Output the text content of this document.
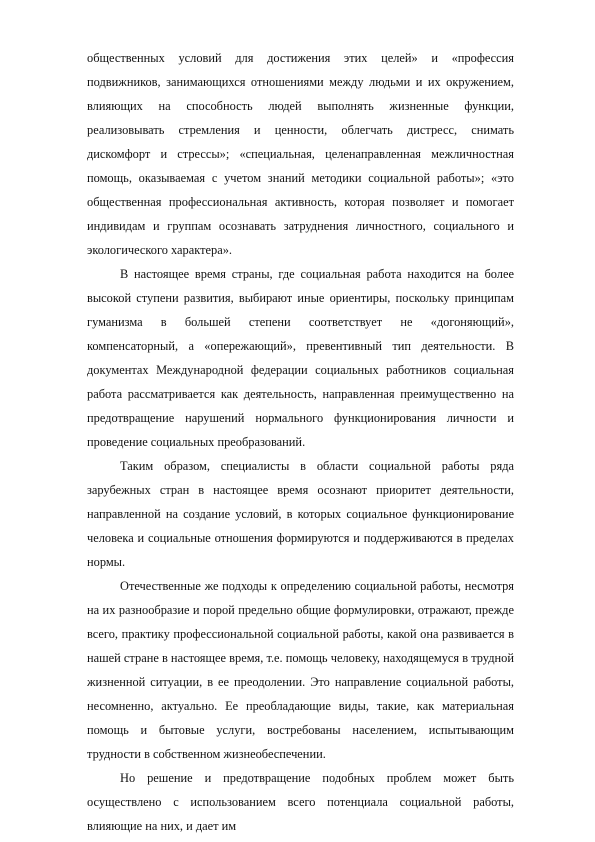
общественных условий для достижения этих целей» и «профессия подвижников, занимающихся отношениями между людьми и их окружением, влияющих на способность людей выполнять жизненные функции, реализовывать стремления и ценности, облегчать дистресс, снимать дискомфорт и стрессы»; «специальная, целенаправленная межличностная помощь, оказываемая с учетом знаний методики социальной работы»; «это общественная профессиональная активность, которая позволяет и помогает индивидам и группам осознавать затруднения личностного, социального и экологического характера».

В настоящее время страны, где социальная работа находится на более высокой ступени развития, выбирают иные ориентиры, поскольку принципам гуманизма в большей степени соответствует не «догоняющий», компенсаторный, а «опережающий», превентивный тип деятельности. В документах Международной федерации социальных работников социальная работа рассматривается как деятельность, направленная преимущественно на предотвращение нарушений нормального функционирования личности и проведение социальных преобразований.

Таким образом, специалисты в области социальной работы ряда зарубежных стран в настоящее время осознают приоритет деятельности, направленной на создание условий, в которых социальное функционирование человека и социальные отношения формируются и поддерживаются в пределах нормы.

Отечественные же подходы к определению социальной работы, несмотря на их разнообразие и порой предельно общие формулировки, отражают, прежде всего, практику профессиональной социальной работы, какой она развивается в нашей стране в настоящее время, т.е. помощь человеку, находящемуся в трудной жизненной ситуации, в ее преодолении. Это направление социальной работы, несомненно, актуально. Ее преобладающие виды, такие, как материальная помощь и бытовые услуги, востребованы населением, испытывающим трудности в собственном жизнеобеспечении.

Но решение и предотвращение подобных проблем может быть осуществлено с использованием всего потенциала социальной работы, влияющие на них, и дает им
